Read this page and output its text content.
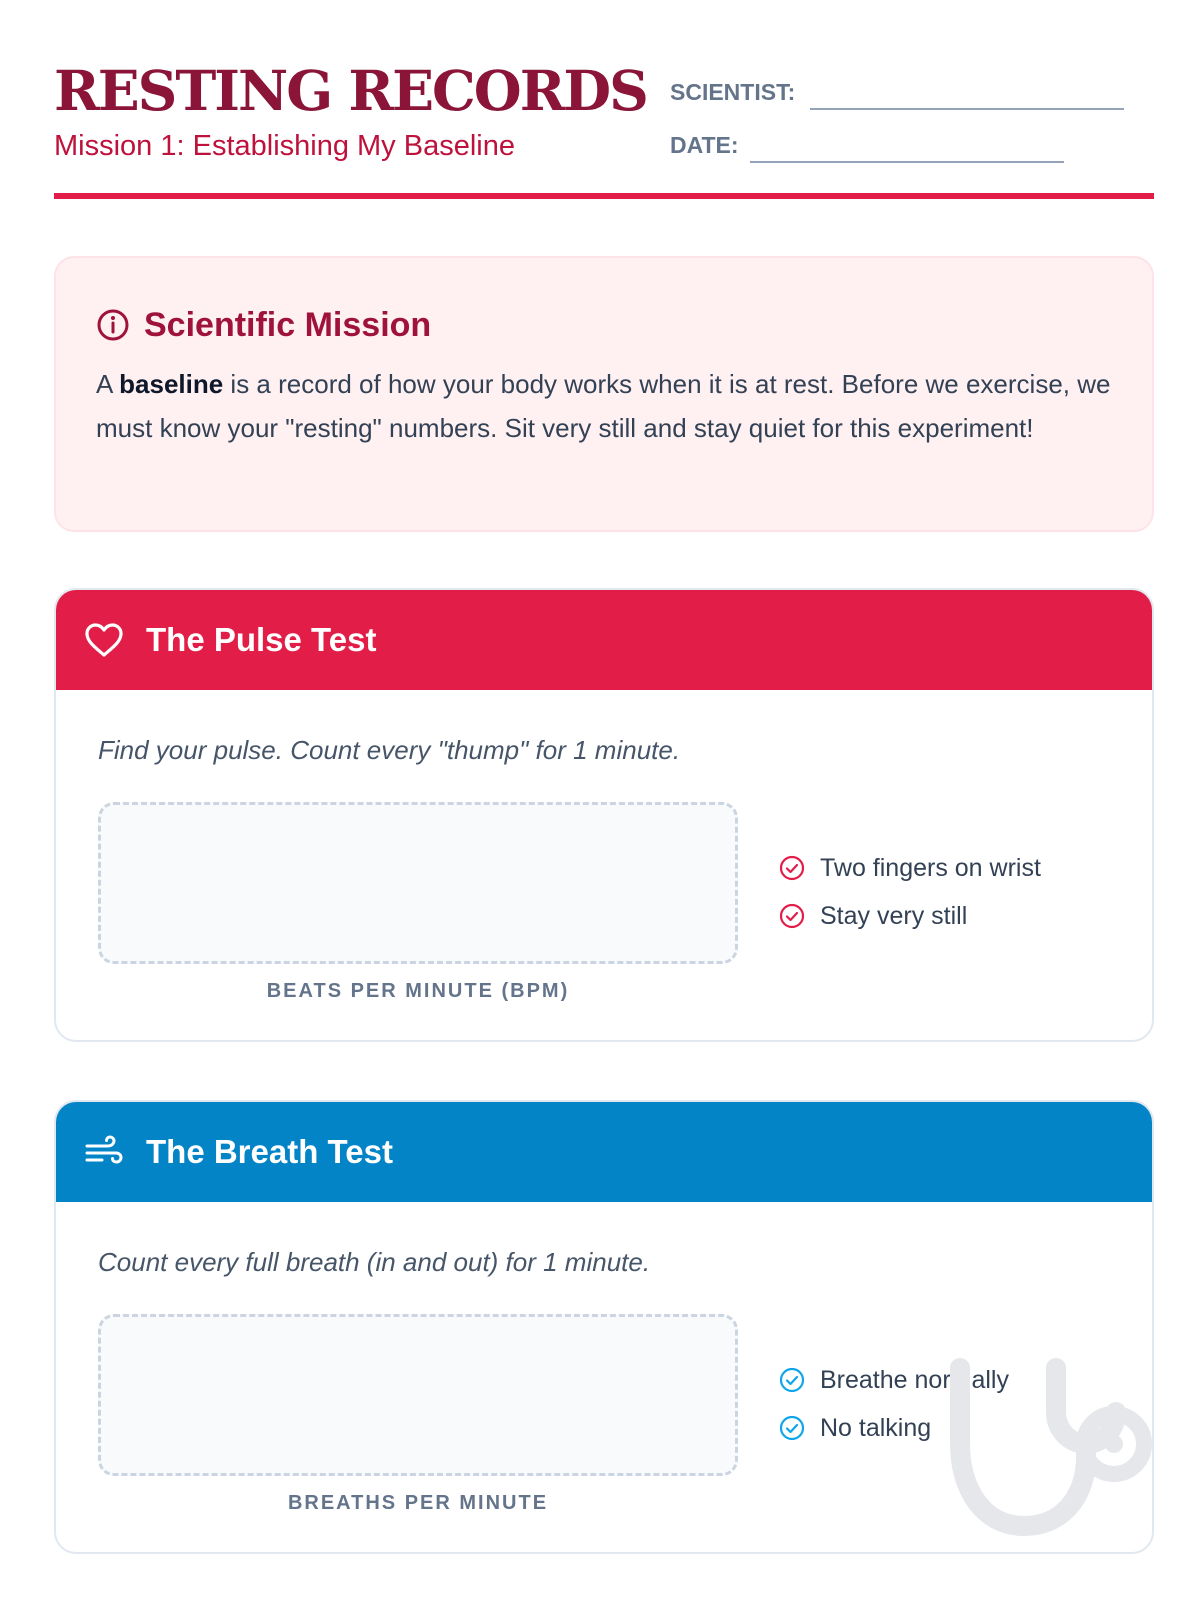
RESTING RECORDS
Mission 1: Establishing My Baseline
SCIENTIST:
DATE:
Scientific Mission
A baseline is a record of how your body works when it is at rest. Before we exercise, we must know your "resting" numbers. Sit very still and stay quiet for this experiment!
The Pulse Test
Find your pulse. Count every "thump" for 1 minute.
BEATS PER MINUTE (BPM)
Two fingers on wrist
Stay very still
The Breath Test
Count every full breath (in and out) for 1 minute.
BREATHS PER MINUTE
Breathe normally
No talking
